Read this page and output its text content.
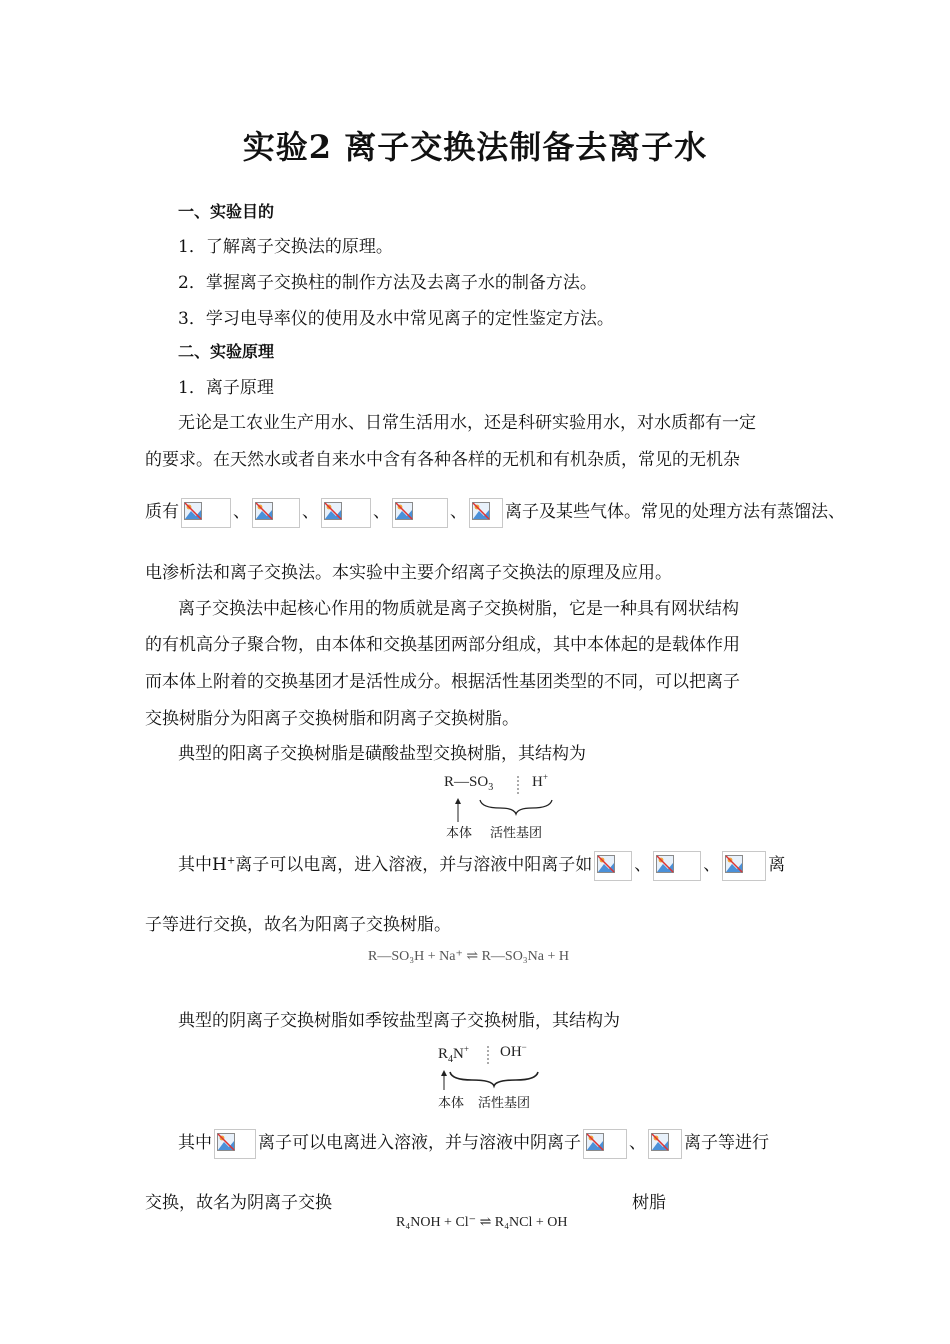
实验2 离子交换法制备去离子水
一、实验目的
1．了解离子交换法的原理。
2．掌握离子交换柱的制作方法及去离子水的制备方法。
3．学习电导率仪的使用及水中常见离子的定性鉴定方法。
二、实验原理
1．离子原理
无论是工农业生产用水、日常生活用水，还是科研实验用水，对水质都有一定
的要求。在天然水或者自来水中含有各种各样的无机和有机杂质，常见的无机杂
质有	、	、	、	、 离子及某些气体。常见的处理方法有蒸馏法、
电渗析法和离子交换法。本实验中主要介绍离子交换法的原理及应用。
离子交换法中起核心作用的物质就是离子交换树脂，它是一种具有网状结构
的有机高分子聚合物，由本体和交换基团两部分组成，其中本体起的是载体作用
而本体上附着的交换基团才是活性成分。根据活性基团类型的不同，可以把离子
交换树脂分为阳离子交换树脂和阴离子交换树脂。
典型的阳离子交换树脂是磺酸盐型交换树脂，其结构为
$R—SO_3$	H+
本体 活性基团
其中H+离子可以电离，进入溶液，并与溶液中阳离子如 、	、	离
子等进行交换，故名为阳离子交换树脂。
R—SO₃H + Na⁺ ⇌ R—SO₃Na + H
典型的阴离子交换树脂如季铵盐型离子交换树脂，其结构为
$R_4N^+$ OH−
本体 活性基团
其中	离子可以电离进入溶液，并与溶液中阴离子	、 离子等进行
交换，故名为阴离子交换	树脂
R₄NOH + Cl⁻ ⇌ R₄NCl + OH
